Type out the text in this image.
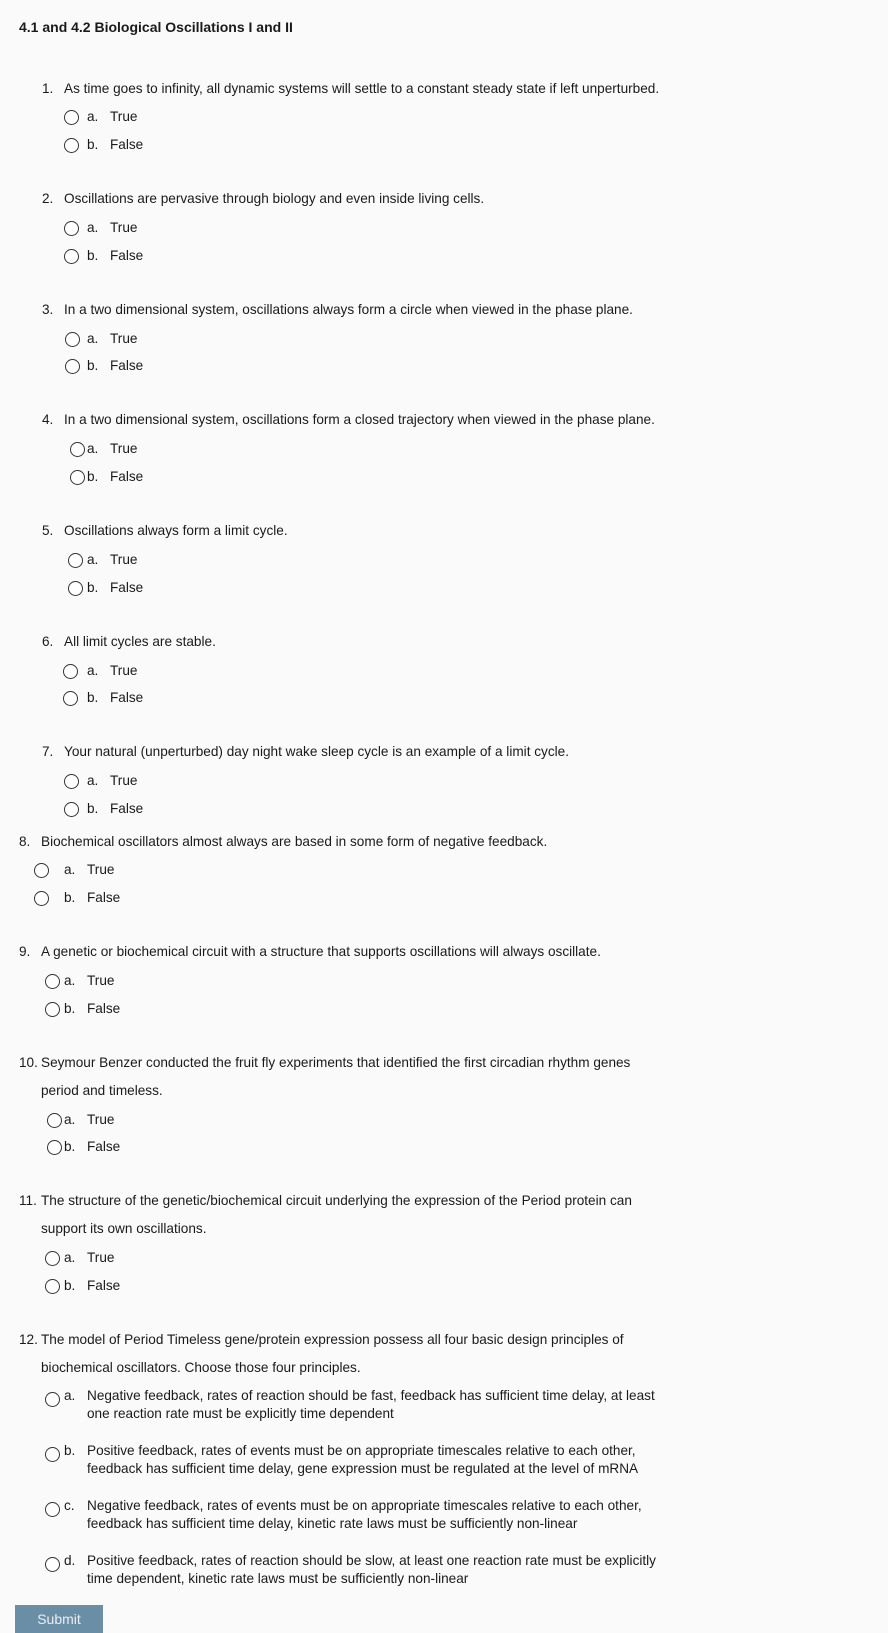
4.1 and 4.2 Biological Oscillations I and II
1. As time goes to infinity, all dynamic systems will settle to a constant steady state if left unperturbed.
a. True
b. False
2. Oscillations are pervasive through biology and even inside living cells.
a. True
b. False
3. In a two dimensional system, oscillations always form a circle when viewed in the phase plane.
a. True
b. False
4. In a two dimensional system, oscillations form a closed trajectory when viewed in the phase plane.
a. True
b. False
5. Oscillations always form a limit cycle.
a. True
b. False
6. All limit cycles are stable.
a. True
b. False
7. Your natural (unperturbed) day night wake sleep cycle is an example of a limit cycle.
a. True
b. False
8. Biochemical oscillators almost always are based in some form of negative feedback.
a. True
b. False
9. A genetic or biochemical circuit with a structure that supports oscillations will always oscillate.
a. True
b. False
10. Seymour Benzer conducted the fruit fly experiments that identified the first circadian rhythm genes
period and timeless.
a. True
b. False
11. The structure of the genetic/biochemical circuit underlying the expression of the Period protein can
support its own oscillations.
a. True
b. False
12. The model of Period Timeless gene/protein expression possess all four basic design principles of
biochemical oscillators. Choose those four principles.
a. Negative feedback, rates of reaction should be fast, feedback has sufficient time delay, at least one reaction rate must be explicitly time dependent
b. Positive feedback, rates of events must be on appropriate timescales relative to each other, feedback has sufficient time delay, gene expression must be regulated at the level of mRNA
c. Negative feedback, rates of events must be on appropriate timescales relative to each other, feedback has sufficient time delay, kinetic rate laws must be sufficiently non-linear
d. Positive feedback, rates of reaction should be slow, at least one reaction rate must be explicitly time dependent, kinetic rate laws must be sufficiently non-linear
Submit
